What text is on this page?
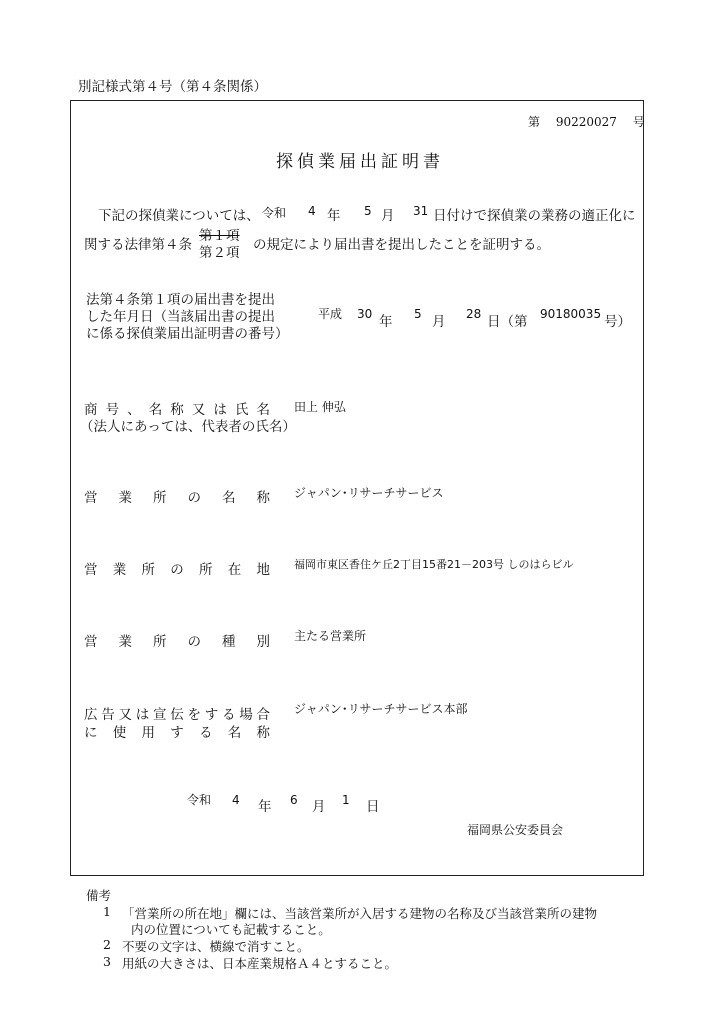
別記様式第４号（第４条関係）
第 90220027 号
探偵業届出証明書
下記の探偵業については、 令和 4 年 5 月 31 日付けで探偵業の業務の適正化に
関する法律第４条
第１項
第２項 の規定により届出書を提出したことを証明する。
法第４条第１項の届出書を提出
した年月日（当該届出書の提出
に係る探偵業届出証明書の番号）
平成 30 年 5 月 28 日（第 90180035 号）
商 号 、 名 称 又 は 氏 名
（法人にあっては、代表者の氏名）
田上 伸弘
営 業 所 の 名 称 ジャパン･リサーチサービス
営 業 所 の 所 在 地 福岡市東区香住ケ丘2丁目15番21－203号 しのはらビル
営 業 所 の 種 別 主たる営業所
広 告 又 は 宣 伝 を す る 場 合
に 使 用 す る 名 称
ジャパン･リサーチサービス本部
令和 4 年 6 月 1 日
福岡県公安委員会
備考
1 「営業所の所在地」欄には、当該営業所が入居する建物の名称及び当該営業所の建物
内の位置についても記載すること。
2 不要の文字は、横線で消すこと。
3 用紙の大きさは、日本産業規格Ａ４とすること。
